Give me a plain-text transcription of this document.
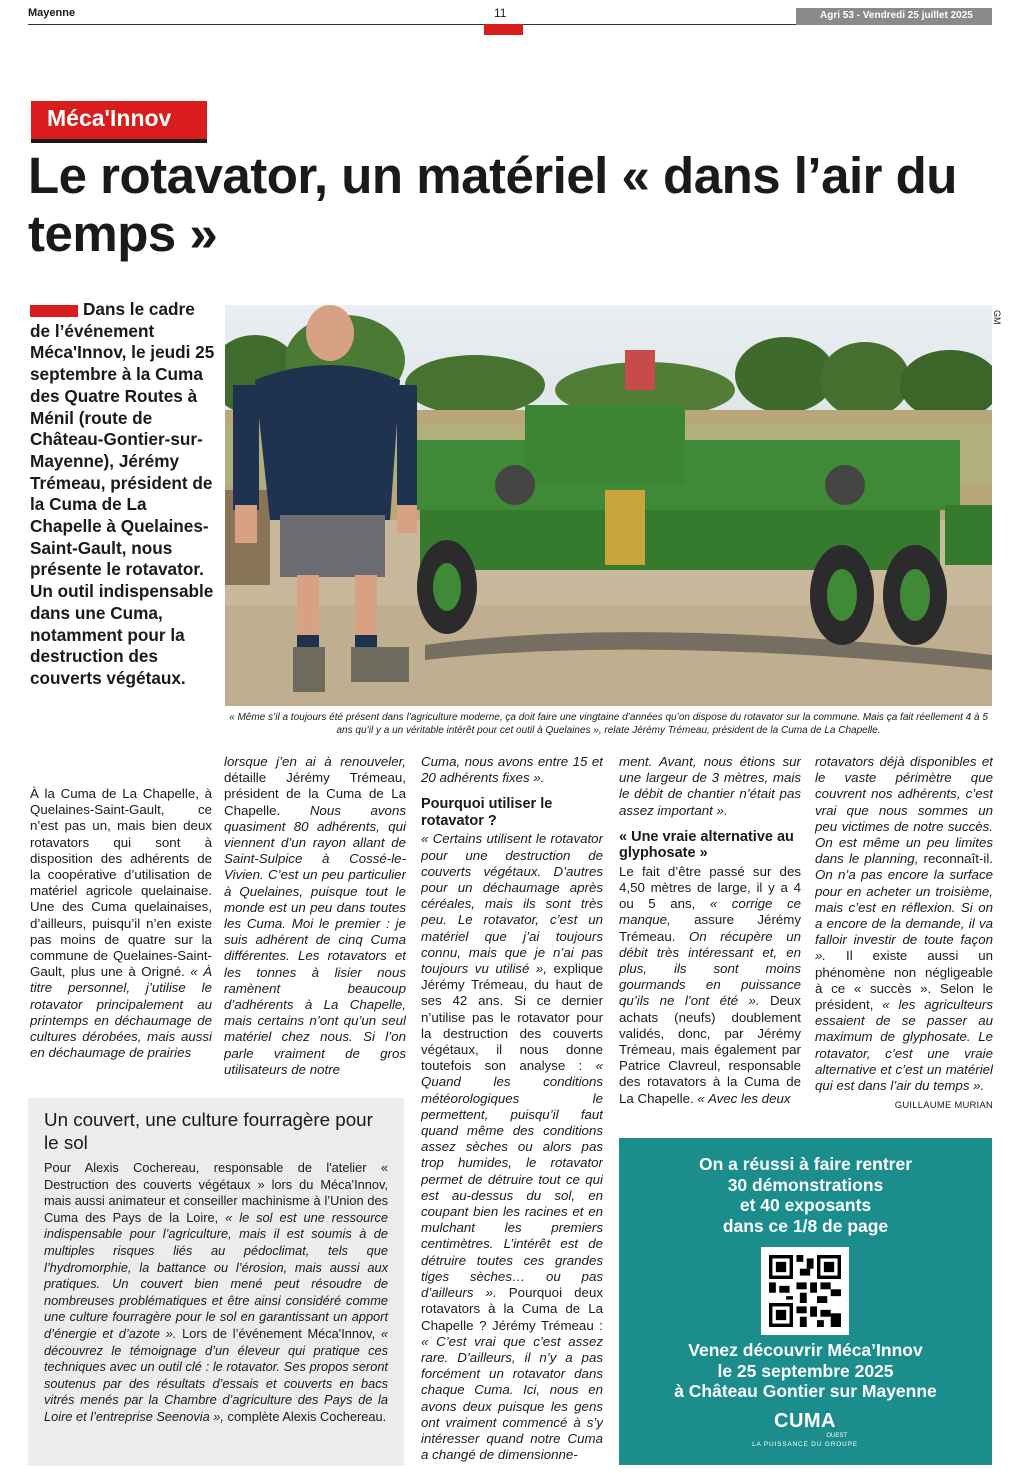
Mayenne	11	Agri 53 - Vendredi 25 juillet 2025
Méca'Innov
Le rotavator, un matériel « dans l’air du temps »

Dans le cadre de l’événement Méca'Innov, le jeudi 25 septembre à la Cuma des Quatre Routes à Ménil (route de Château-Gontier-sur-Mayenne), Jérémy Trémeau, président de la Cuma de La Chapelle à Quelaines-Saint-Gault, nous présente le rotavator. Un outil indispensable dans une Cuma, notamment pour la destruction des couverts végétaux.

GM

« Même s’il a toujours été présent dans l’agriculture moderne, ça doit faire une vingtaine d’années qu’on dispose du rotavator sur la commune. Mais ça fait réellement 4 à 5 ans qu’il y a un véritable intérêt pour cet outil à Quelaines », relate Jérémy Trémeau, président de la Cuma de La Chapelle.

À la Cuma de La Chapelle, à Quelaines-Saint-Gault, ce n’est pas un, mais bien deux rotavators qui sont à disposition des adhérents de la coopérative d’utilisation de matériel agricole quelainaise. Une des Cuma quelainaises, d’ailleurs, puisqu’il n’en existe pas moins de quatre sur la commune de Quelaines-Saint-Gault, plus une à Origné. « À titre personnel, j’utilise le rotavator principalement au printemps en déchaumage de cultures dérobées, mais aussi en déchaumage de prairies

lorsque j’en ai à renouveler, détaille Jérémy Trémeau, président de la Cuma de La Chapelle. Nous avons quasiment 80 adhérents, qui viennent d’un rayon allant de Saint-Sulpice à Cossé-le-Vivien. C’est un peu particulier à Quelaines, puisque tout le monde est un peu dans toutes les Cuma. Moi le premier : je suis adhérent de cinq Cuma différentes. Les rotavators et les tonnes à lisier nous ramènent beaucoup d’adhérents à La Chapelle, mais certains n’ont qu’un seul matériel chez nous. Si l’on parle vraiment de gros utilisateurs de notre

Cuma, nous avons entre 15 et 20 adhérents fixes ».

Pourquoi utiliser le rotavator ?

« Certains utilisent le rotavator pour une destruction de couverts végétaux. D’autres pour un déchaumage après céréales, mais ils sont très peu. Le rotavator, c’est un matériel que j’ai toujours connu, mais que je n’ai pas toujours vu utilisé », explique Jérémy Trémeau, du haut de ses 42 ans. Si ce dernier n’utilise pas le rotavator pour la destruction des couverts végétaux, il nous donne toutefois son analyse : « Quand les conditions météorologiques le permettent, puisqu’il faut quand même des conditions assez sèches ou alors pas trop humides, le rotavator permet de détruire tout ce qui est au-dessus du sol, en coupant bien les racines et en mulchant les premiers centimètres. L’intérêt est de détruire toutes ces grandes tiges sèches… ou pas d’ailleurs ». Pourquoi deux rotavators à la Cuma de La Chapelle ? Jérémy Trémeau : « C’est vrai que c’est assez rare. D’ailleurs, il n’y a pas forcément un rotavator dans chaque Cuma. Ici, nous en avons deux puisque les gens ont vraiment commencé à s’y intéresser quand notre Cuma a changé de dimensionne-

ment. Avant, nous étions sur une largeur de 3 mètres, mais le débit de chantier n’était pas assez important ».

« Une vraie alternative au glyphosate »

Le fait d’être passé sur des 4,50 mètres de large, il y a 4 ou 5 ans, « corrige ce manque, assure Jérémy Trémeau. On récupère un débit très intéressant et, en plus, ils sont moins gourmands en puissance qu’ils ne l’ont été ». Deux achats (neufs) doublement validés, donc, par Jérémy Trémeau, mais également par Patrice Clavreul, responsable des rotavators à la Cuma de La Chapelle. « Avec les deux

rotavators déjà disponibles et le vaste périmètre que couvrent nos adhérents, c’est vrai que nous sommes un peu victimes de notre succès. On est même un peu limites dans le planning, reconnaît-il. On n’a pas encore la surface pour en acheter un troisième, mais c’est en réflexion. Si on a encore de la demande, il va falloir investir de toute façon ». Il existe aussi un phénomène non négligeable à ce « succès ». Selon le président, « les agriculteurs essaient de se passer au maximum de glyphosate. Le rotavator, c’est une vraie alternative et c’est un matériel qui est dans l’air du temps ».

GUILLAUME MURIAN
Un couvert, une culture fourragère pour le sol

Pour Alexis Cochereau, responsable de l'atelier « Destruction des couverts végétaux » lors du Méca'Innov, mais aussi animateur et conseiller machinisme à l’Union des Cuma des Pays de la Loire, « le sol est une ressource indispensable pour l’agriculture, mais il est soumis à de multiples risques liés au pédoclimat, tels que l’hydromorphie, la battance ou l’érosion, mais aussi aux pratiques. Un couvert bien mené peut résoudre de nombreuses problématiques et être ainsi considéré comme une culture fourragère pour le sol en garantissant un apport d’énergie et d’azote ». Lors de l’événement Méca'Innov, « découvrez le témoignage d’un éleveur qui pratique ces techniques avec un outil clé : le rotavator. Ses propos seront soutenus par des résultats d’essais et couverts en bacs vitrés menés par la Chambre d’agriculture des Pays de la Loire et l’entreprise Seenovia », complète Alexis Cochereau.

On a réussi à faire rentrer
30 démonstrations
et 40 exposants
dans ce 1/8 de page
Venez découvrir Méca’Innov
le 25 septembre 2025
à Château Gontier sur Mayenne
CUMA
OUEST
LA PUISSANCE DU GROUPE
